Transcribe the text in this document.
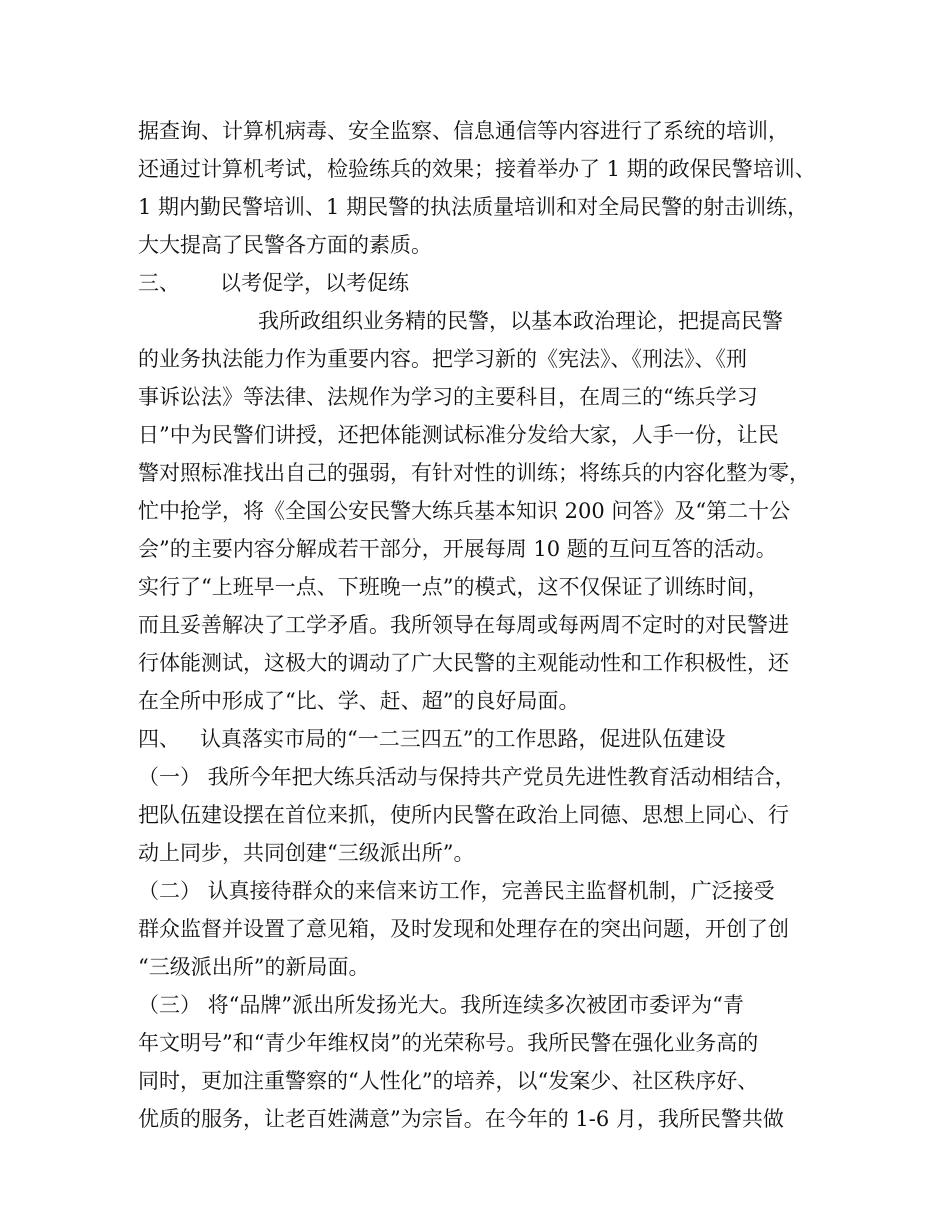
据查询、计算机病毒、安全监察、信息通信等内容进行了系统的培训，
还通过计算机考试，检验练兵的效果；接着举办了 1 期的政保民警培训、
1 期内勤民警培训、1 期民警的执法质量培训和对全局民警的射击训练，
大大提高了民警各方面的素质。
三、      以考促学，以考促练
我所政组织业务精的民警，以基本政治理论，把提高民警
的业务执法能力作为重要内容。把学习新的《宪法》、《刑法》、《刑
事诉讼法》等法律、法规作为学习的主要科目，在周三的“练兵学习
日”中为民警们讲授，还把体能测试标准分发给大家，人手一份，让民
警对照标准找出自己的强弱，有针对性的训练；将练兵的内容化整为零，
忙中抢学，将《全国公安民警大练兵基本知识 200 问答》及“第二十公
会”的主要内容分解成若干部分，开展每周 10 题的互问互答的活动。
实行了“上班早一点、下班晚一点”的模式，这不仅保证了训练时间，
而且妥善解决了工学矛盾。我所领导在每周或每两周不定时的对民警进
行体能测试，这极大的调动了广大民警的主观能动性和工作积极性，还
在全所中形成了“比、学、赶、超”的良好局面。
四、   认真落实市局的“一二三四五”的工作思路，促进队伍建设
（一） 我所今年把大练兵活动与保持共产党员先进性教育活动相结合，
把队伍建设摆在首位来抓，使所内民警在政治上同德、思想上同心、行
动上同步，共同创建“三级派出所”。
（二） 认真接待群众的来信来访工作，完善民主监督机制，广泛接受
群众监督并设置了意见箱，及时发现和处理存在的突出问题，开创了创
“三级派出所”的新局面。
（三） 将“品牌”派出所发扬光大。我所连续多次被团市委评为“青
年文明号”和“青少年维权岗”的光荣称号。我所民警在强化业务高的
同时，更加注重警察的“人性化”的培养，以“发案少、社区秩序好、
优质的服务，让老百姓满意”为宗旨。在今年的 1-6 月，我所民警共做
